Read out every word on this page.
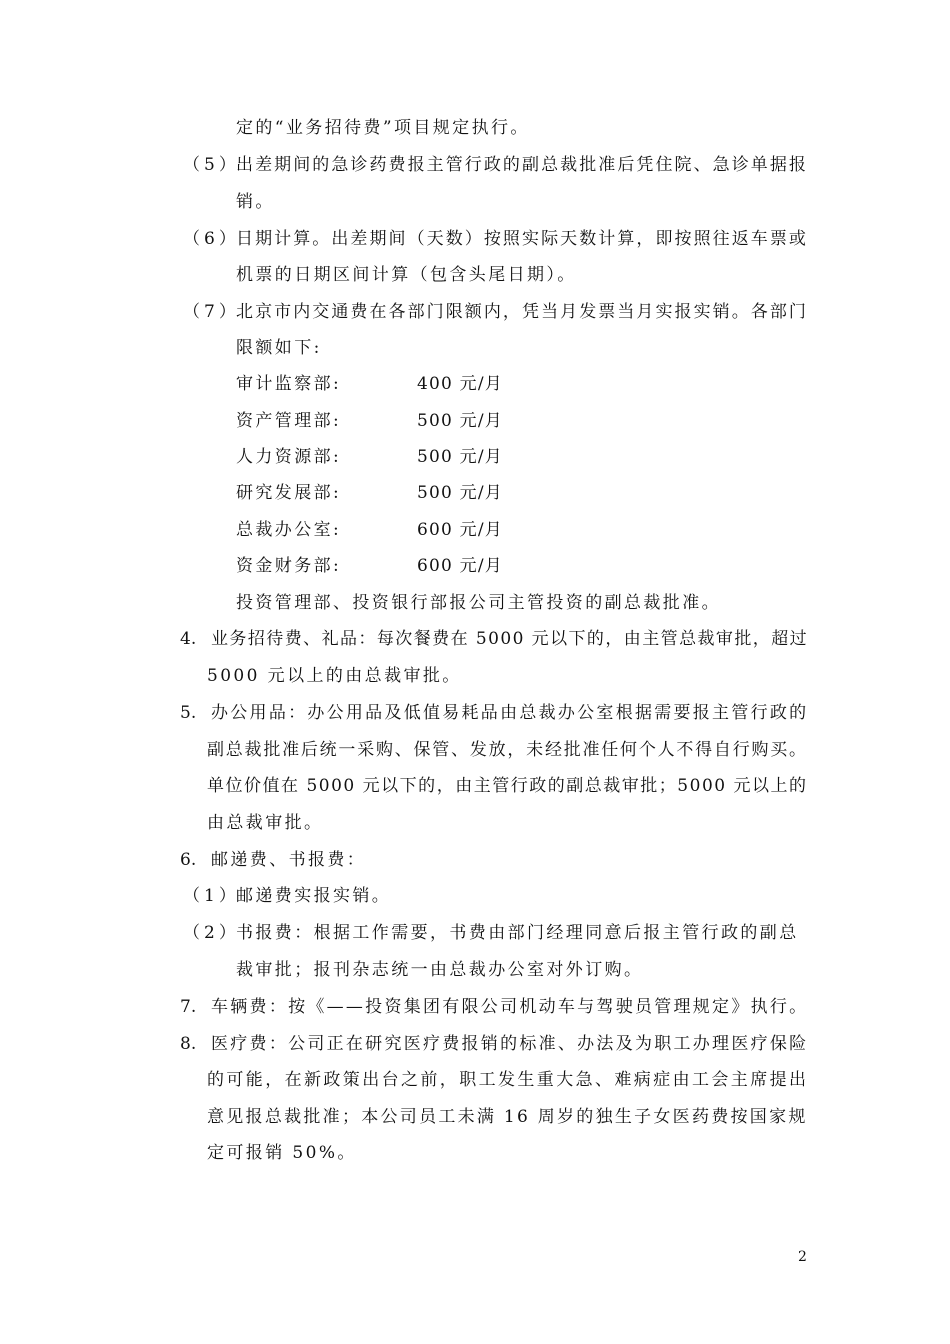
定的“业务招待费”项目规定执行。
（5）
出差期间的急诊药费报主管行政的副总裁批准后凭住院、急诊单据报
销。
（6）
日期计算。出差期间（天数）按照实际天数计算，即按照往返车票或
机票的日期区间计算（包含头尾日期）。
（7）
北京市内交通费在各部门限额内，凭当月发票当月实报实销。各部门
限额如下:
审计监察部:	400 元/月
资产管理部:	500 元/月
人力资源部:	500 元/月
研究发展部:	500 元/月
总裁办公室:	600 元/月
资金财务部:	600 元/月
投资管理部、投资银行部报公司主管投资的副总裁批准。
4. 业务招待费、礼品：每次餐费在 5000 元以下的，由主管总裁审批，超过
5000 元以上的由总裁审批。
5. 办公用品：办公用品及低值易耗品由总裁办公室根据需要报主管行政的
副总裁批准后统一采购、保管、发放，未经批准任何个人不得自行购买。
单位价值在 5000 元以下的，由主管行政的副总裁审批；5000 元以上的
由总裁审批。
6. 邮递费、书报费：
（1）
邮递费实报实销。
（2）
书报费：根据工作需要，书费由部门经理同意后报主管行政的副总
裁审批；报刊杂志统一由总裁办公室对外订购。
7. 车辆费：按《——投资集团有限公司机动车与驾驶员管理规定》执行。
8. 医疗费：公司正在研究医疗费报销的标准、办法及为职工办理医疗保险
的可能，在新政策出台之前，职工发生重大急、难病症由工会主席提出
意见报总裁批准；本公司员工未满 16 周岁的独生子女医药费按国家规
定可报销 50%。
2
